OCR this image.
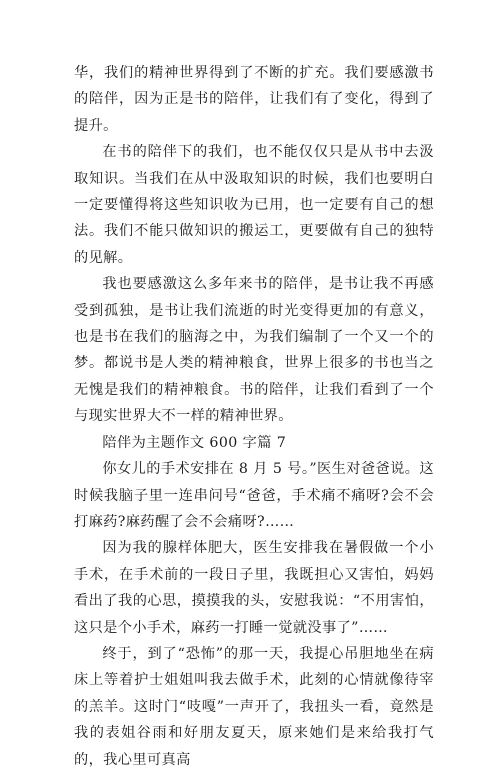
华，我们的精神世界得到了不断的扩充。我们要感激书的陪伴，因为正是书的陪伴，让我们有了变化，得到了提升。

在书的陪伴下的我们，也不能仅仅只是从书中去汲取知识。当我们在从中汲取知识的时候，我们也要明白一定要懂得将这些知识收为已用，也一定要有自己的想法。我们不能只做知识的搬运工，更要做有自己的独特的见解。

我也要感激这么多年来书的陪伴，是书让我不再感受到孤独，是书让我们流逝的时光变得更加的有意义，也是书在我们的脑海之中，为我们编制了一个又一个的梦。都说书是人类的精神粮食，世界上很多的书也当之无愧是我们的精神粮食。书的陪伴，让我们看到了一个与现实世界大不一样的精神世界。

陪伴为主题作文 600 字篇 7

你女儿的手术安排在 8 月 5 号。”医生对爸爸说。这时候我脑子里一连串问号“爸爸，手术痛不痛呀?会不会打麻药?麻药醒了会不会痛呀?……

因为我的腺样体肥大，医生安排我在暑假做一个小手术，在手术前的一段日子里，我既担心又害怕，妈妈看出了我的心思，摸摸我的头，安慰我说：“不用害怕，这只是个小手术，麻药一打睡一觉就没事了”……

终于，到了“恐怖”的那一天，我提心吊胆地坐在病床上等着护士姐姐叫我去做手术，此刻的心情就像待宰的羔羊。这时门“吱嘎”一声开了，我扭头一看，竟然是我的表姐谷雨和好朋友夏天，原来她们是来给我打气的，我心里可真高
